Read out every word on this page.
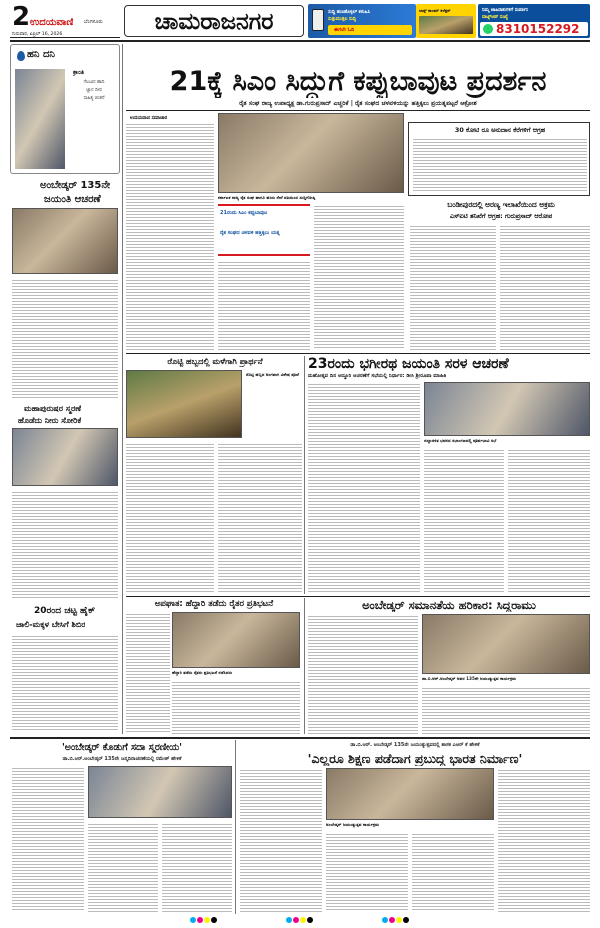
2 ಉದಯವಾಣಿ ಬೆಂಗಳೂರು
ಗುರುವಾರ, ಏಪ್ರಿಲ್ 16, 2026	ಚಾಮರಾಜನಗರ	ಸುದ್ದಿ ಹಂಚಿಕೊಳ್ಳಲ್ ಕಳುಹಿಸಿ
ಸುತ್ತುಮುತ್ತಲ ಸುದ್ದಿ
ಈಗಲೇ ಓದಿ
ಲಾಸ್ಟ್ ಕಾಲಮ್ ಕಲೆಕ್ಷನ್	ನಿಮ್ಮ ಜಾಹಿರಾತುಗಳಿಗೆ ಸಂಪರ್ಕಿಸಿ
ವಾಟ್ಸ್‌ಆಪ್ ಸಂಖ್ಯೆ
8310152292
ಹನಿ ದನಿ
ಕ್ರಾಂತಿ
ಗೆಲುವಿನ ಹಾದಿ
ಜ್ಞಾನ ದೀಪ
ಸಾಹಿತ್ಯ ಚಿಂತನೆ
ಅಂಬೇಡ್ಕರ್ 135ನೇ
ಜಯಂತಿ ಆಚರಣೆ
ಮಹಾಪುರುಷರ ಸ್ಮರಣೆ
ಹೊಡೆದು ನೀರು ಸೋರಿಕೆ
20ರಂದ ಚಟ್ಟ ಹೈಕ್
ಜಾಲಿ-ಮಕ್ಕಳ ಬೇಸಿಗೆ ಶಿಬಿರ
21ಕ್ಕೆ ಸಿಎಂ ಸಿದ್ದುಗೆ ಕಪ್ಪುಬಾವುಟ ಪ್ರದರ್ಶನ
ರೈತ ಸಂಘ ರಾಜ್ಯ ಉಪಾಧ್ಯಕ್ಷ ಡಾ.ಗುರುಪ್ರಸಾದ್ ಎಚ್ಚರಿಕೆ | ರೈತ ಸಂಘದ ಚಳವಳಿಯನ್ನು ಹತ್ತಿಕ್ಕಲು ಪ್ರಯತ್ನಪಟ್ಟರೆ ಆಕ್ರೋಶ
ಉದಯವಾಣಿ ಸಮಾಚಾರ
ಕರ್ನಾಟಕ ರಾಜ್ಯ ರೈತ ಸಂಘ ಹಾಗೂ ಹಸಿರು ಸೇನೆ ವತಿಯಿಂದ ಸುದ್ದಿಗೋಷ್ಠಿ
21ರಂದು ಸಿಎಂ ಕಪ್ಪುಬಾವುಟ
ರೈತ ಸಂಘದ ಚಳವಳಿ ಹತ್ತಿಕ್ಕಲು ಯತ್ನ
30 ಕೋಟಿ ರೂ ಅನುದಾನ ಕೆರೆಗಳಿಗೆ ಆಗ್ರಹ
ಬಂಡೀಪುರದಲ್ಲಿ ಅರಣ್ಯ ಇಲಾಖೆಯಿಂದ ಅಕ್ರಮ
ಎಸ್‌ಐಟಿ ತನಿಖೆಗೆ ಆಗ್ರಹ: ಗುರುಪ್ರಸಾದ್ ಆರೋಪ
ರೊಟ್ಟಿ ಹಬ್ಬದಲ್ಲಿ ಮಳೆಗಾಗಿ ಪ್ರಾರ್ಥನೆ
ರೊಟ್ಟಿ ಹಬ್ಬದ ಅಂಗವಾಗಿ ವಿಶೇಷ ಪೂಜೆ
23ರಂದು ಭಗೀರಥ ಜಯಂತಿ ಸರಳ ಆಚರಣೆ
ಮಹೋತ್ಸವ ದಿನ ಅದ್ಧೂರಿ ಆಚರಣೆಗೆ ಸಭೆಯಲ್ಲಿ ನಿರ್ಧಾರ: ಡೀಸಿ ಶ್ರೀರೂಪಾ ಮಾಹಿತಿ
ಜಿಲ್ಲಾಡಳಿತ ಭವನದ ಸಭಾಂಗಣದಲ್ಲಿ ಪೂರ್ವಭಾವಿ ಸಭೆ
ಅಪಘಾತ: ಹೆದ್ದಾರಿ ತಡೆದು ರೈತರ ಪ್ರತಿಭಟನೆ
ಹೆದ್ದಾರಿ ತಡೆದು ರೈತರು ಪ್ರತಿಭಟನೆ ನಡೆಸಿದರು
ಅಂಬೇಡ್ಕರ್ ಸಮಾನತೆಯ ಹರಿಕಾರ: ಸಿದ್ದರಾಮು
ಡಾ.ಬಿ.ಆರ್.ಅಂಬೇಡ್ಕರ್ ಅವರ 135ನೇ ಜಯಂತ್ಯುತ್ಸವ ಕಾರ್ಯಕ್ರಮ
'ಅಂಬೇಡ್ಕರ್ ಕೊಡುಗೆ ಸದಾ ಸ್ಮರಣೀಯ'
ಡಾ.ಬಿ.ಆರ್.ಅಂಬೇಡ್ಕರ್ 135ನೇ ಜನ್ಮದಿನಾಚರಣೆಯಲ್ಲಿ ರಮೇಶ್ ಹೇಳಿಕೆ
ಡಾ.ಬಿ.ಆರ್. ಅಂಬೇಡ್ಕರ್ 135ನೇ ಜಯಂತ್ಯುತ್ಸವದಲ್ಲಿ ಶಾಸಕ ಎಆರ್ ಕೆ ಹೇಳಿಕೆ
'ಎಲ್ಲರೂ ಶಿಕ್ಷಣ ಪಡೆದಾಗ ಪ್ರಬುದ್ಧ ಭಾರತ ನಿರ್ಮಾಣ'
ಅಂಬೇಡ್ಕರ್ ಜಯಂತ್ಯುತ್ಸವ ಕಾರ್ಯಕ್ರಮ
